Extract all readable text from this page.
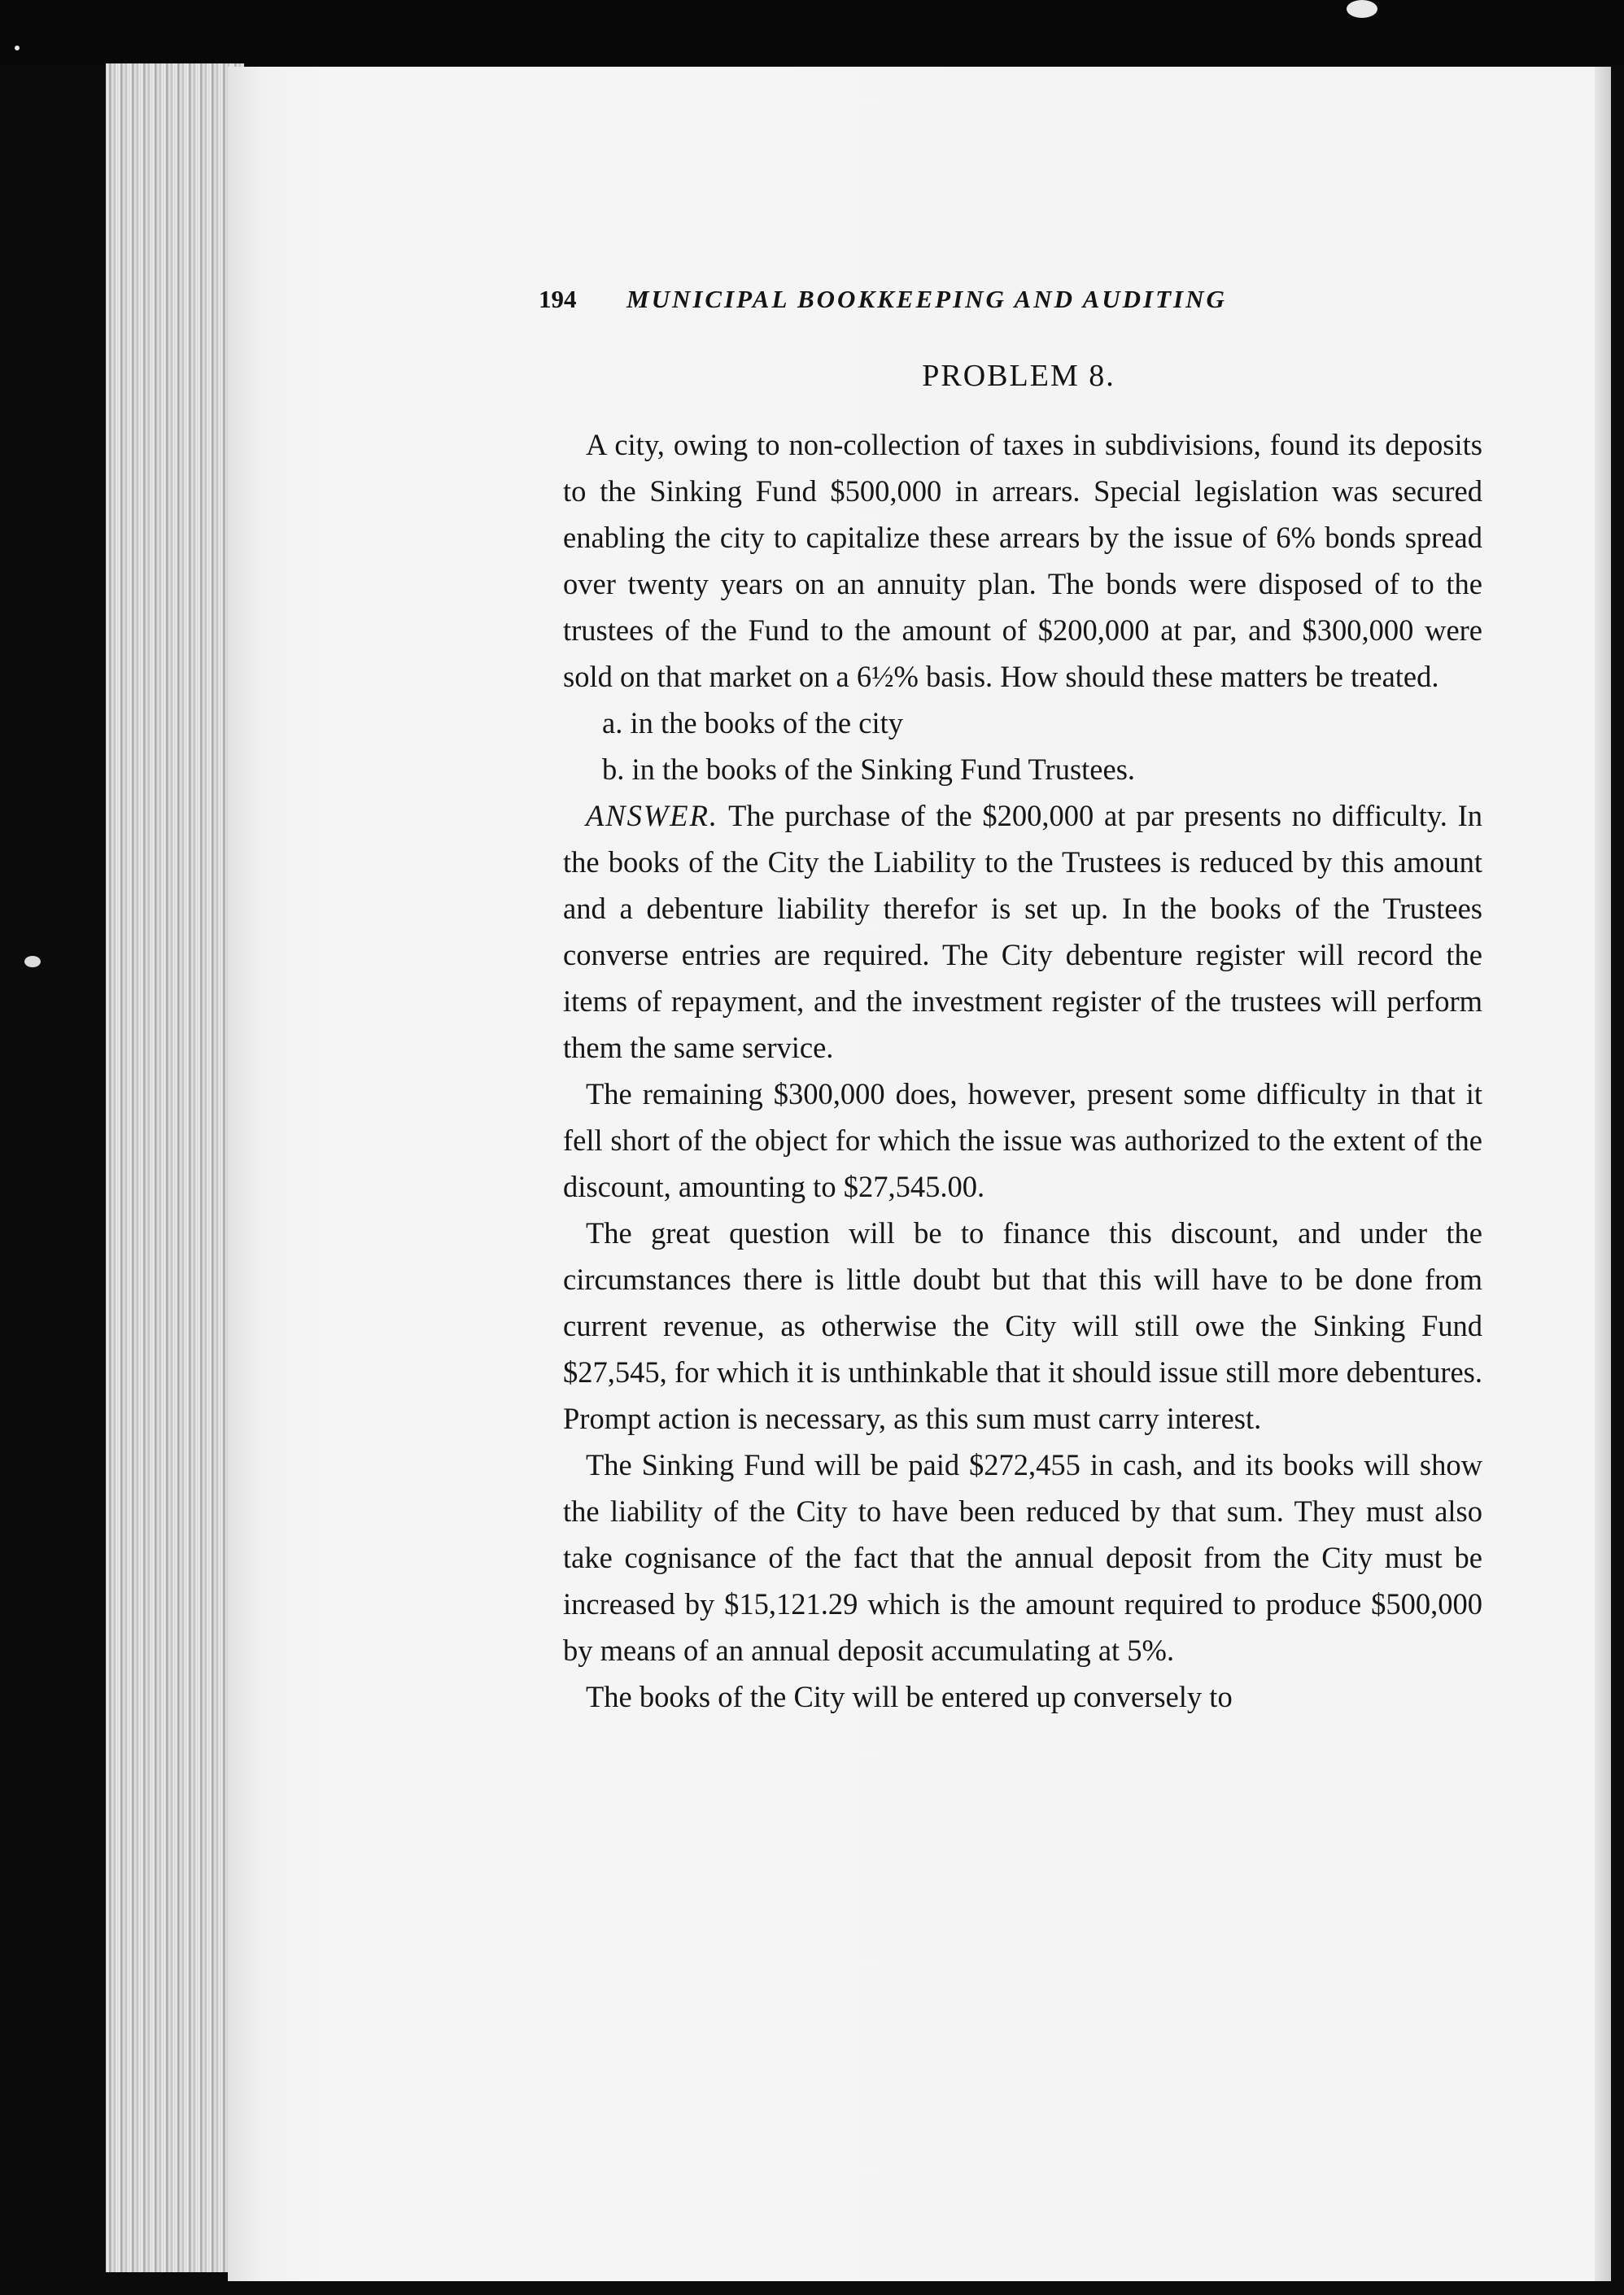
194	MUNICIPAL BOOKKEEPING AND AUDITING
PROBLEM 8.

A city, owing to non-collection of taxes in subdivisions, found its deposits to the Sinking Fund $500,000 in arrears. Special legislation was secured enabling the city to capitalize these arrears by the issue of 6% bonds spread over twenty years on an annuity plan. The bonds were disposed of to the trustees of the Fund to the amount of $200,000 at par, and $300,000 were sold on that market on a 6½% basis. How should these matters be treated.

a. in the books of the city

b. in the books of the Sinking Fund Trustees.

ANSWER. The purchase of the $200,000 at par presents no difficulty. In the books of the City the Liability to the Trustees is reduced by this amount and a debenture liability therefor is set up. In the books of the Trustees converse entries are required. The City debenture register will record the items of repayment, and the investment register of the trustees will perform them the same service.

The remaining $300,000 does, however, present some difficulty in that it fell short of the object for which the issue was authorized to the extent of the discount, amounting to $27,545.00.

The great question will be to finance this discount, and under the circumstances there is little doubt but that this will have to be done from current revenue, as otherwise the City will still owe the Sinking Fund $27,545, for which it is unthinkable that it should issue still more debentures. Prompt action is necessary, as this sum must carry interest.

The Sinking Fund will be paid $272,455 in cash, and its books will show the liability of the City to have been reduced by that sum. They must also take cognisance of the fact that the annual deposit from the City must be increased by $15,121.29 which is the amount required to produce $500,000 by means of an annual deposit accumulating at 5%.

The books of the City will be entered up conversely to
